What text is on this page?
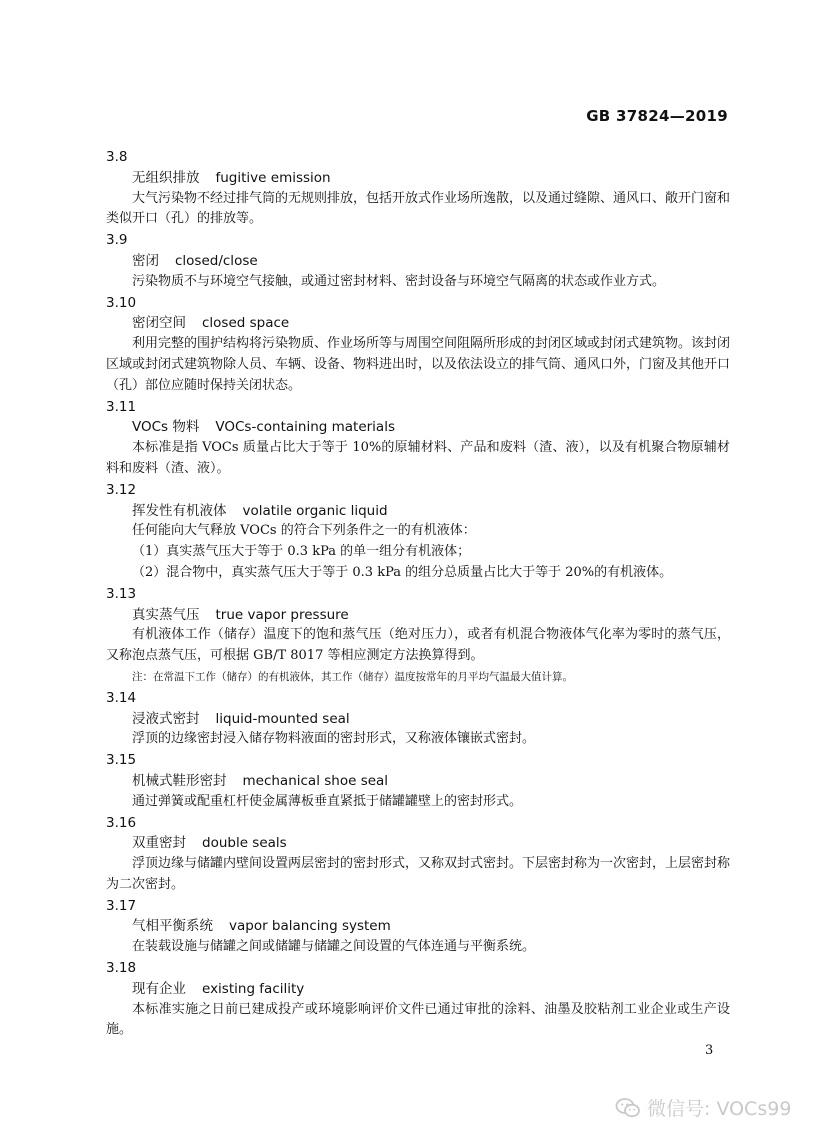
GB 37824—2019
3.8
无组织排放 fugitive emission
大气污染物不经过排气筒的无规则排放，包括开放式作业场所逸散，以及通过缝隙、通风口、敞开门窗和类似开口（孔）的排放等。
3.9
密闭 closed/close
污染物质不与环境空气接触，或通过密封材料、密封设备与环境空气隔离的状态或作业方式。
3.10
密闭空间 closed space
利用完整的围护结构将污染物质、作业场所等与周围空间阻隔所形成的封闭区域或封闭式建筑物。该封闭区域或封闭式建筑物除人员、车辆、设备、物料进出时，以及依法设立的排气筒、通风口外，门窗及其他开口（孔）部位应随时保持关闭状态。
3.11
VOCs 物料 VOCs-containing materials
本标准是指 VOCs 质量占比大于等于 10%的原辅材料、产品和废料（渣、液），以及有机聚合物原辅材料和废料（渣、液）。
3.12
挥发性有机液体 volatile organic liquid
任何能向大气释放 VOCs 的符合下列条件之一的有机液体：
（1）真实蒸气压大于等于 0.3 kPa 的单一组分有机液体；
（2）混合物中，真实蒸气压大于等于 0.3 kPa 的组分总质量占比大于等于 20%的有机液体。
3.13
真实蒸气压 true vapor pressure
有机液体工作（储存）温度下的饱和蒸气压（绝对压力），或者有机混合物液体气化率为零时的蒸气压，又称泡点蒸气压，可根据 GB/T 8017 等相应测定方法换算得到。
注：在常温下工作（储存）的有机液体，其工作（储存）温度按常年的月平均气温最大值计算。
3.14
浸液式密封 liquid-mounted seal
浮顶的边缘密封浸入储存物料液面的密封形式，又称液体镶嵌式密封。
3.15
机械式鞋形密封 mechanical shoe seal
通过弹簧或配重杠杆使金属薄板垂直紧抵于储罐罐壁上的密封形式。
3.16
双重密封 double seals
浮顶边缘与储罐内壁间设置两层密封的密封形式，又称双封式密封。下层密封称为一次密封，上层密封称为二次密封。
3.17
气相平衡系统 vapor balancing system
在装载设施与储罐之间或储罐与储罐之间设置的气体连通与平衡系统。
3.18
现有企业 existing facility
本标准实施之日前已建成投产或环境影响评价文件已通过审批的涂料、油墨及胶粘剂工业企业或生产设施。
3
微信号: VOCs99
